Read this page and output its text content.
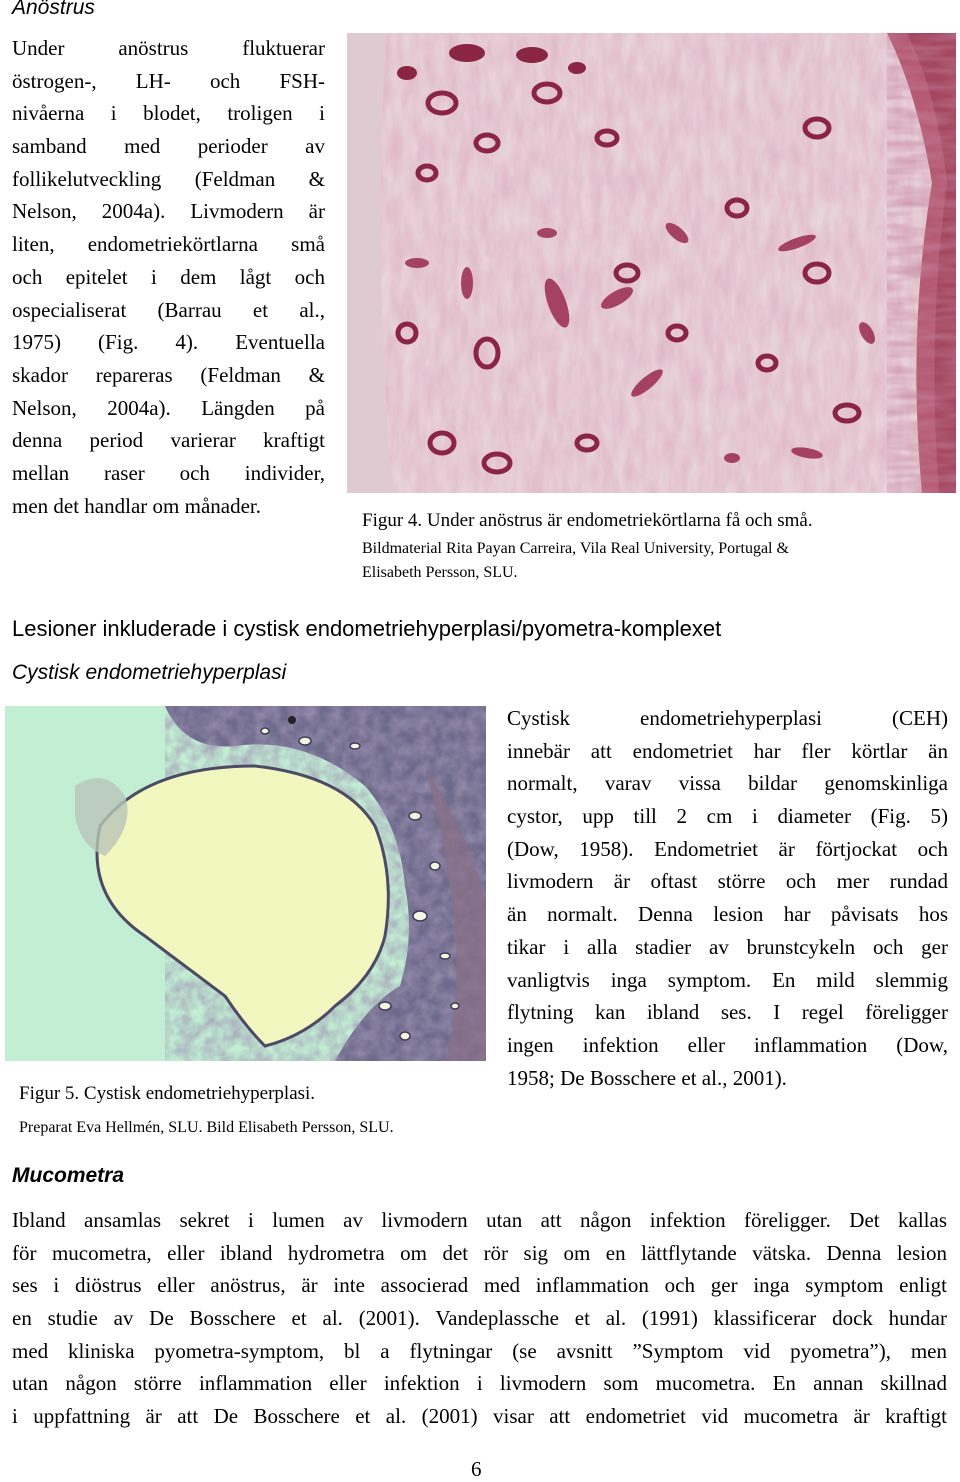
Anöstrus
Under anöstrus fluktuerar
östrogen-, LH- och FSH-
nivåerna i blodet, troligen i
samband med perioder av
follikelutveckling (Feldman &
Nelson, 2004a). Livmodern är
liten, endometriekörtlarna små
och epitelet i dem lågt och
ospecialiserat (Barrau et al.,
1975) (Fig. 4). Eventuella
skador repareras (Feldman &
Nelson, 2004a). Längden på
denna period varierar kraftigt
mellan raser och individer,
men det handlar om månader.
Figur 4. Under anöstrus är endometriekörtlarna få och små.
Bildmaterial Rita Payan Carreira, Vila Real University, Portugal &
Elisabeth Persson, SLU.
Lesioner inkluderade i cystisk endometriehyperplasi/pyometra-komplexet
Cystisk endometriehyperplasi
Figur 5. Cystisk endometriehyperplasi.
Preparat Eva Hellmén, SLU. Bild Elisabeth Persson, SLU.
Cystisk endometriehyperplasi (CEH)
innebär att endometriet har fler körtlar än
normalt, varav vissa bildar genomskinliga
cystor, upp till 2 cm i diameter (Fig. 5)
(Dow, 1958). Endometriet är förtjockat och
livmodern är oftast större och mer rundad
än normalt. Denna lesion har påvisats hos
tikar i alla stadier av brunstcykeln och ger
vanligtvis inga symptom. En mild slemmig
flytning kan ibland ses. I regel föreligger
ingen infektion eller inflammation (Dow,
1958; De Bosschere et al., 2001).
Mucometra
Ibland ansamlas sekret i lumen av livmodern utan att någon infektion föreligger. Det kallas
för mucometra, eller ibland hydrometra om det rör sig om en lättflytande vätska. Denna lesion
ses i diöstrus eller anöstrus, är inte associerad med inflammation och ger inga symptom enligt
en studie av De Bosschere et al. (2001). Vandeplassche et al. (1991) klassificerar dock hundar
med kliniska pyometra-symptom, bl a flytningar (se avsnitt ”Symptom vid pyometra”), men
utan någon större inflammation eller infektion i livmodern som mucometra. En annan skillnad
i uppfattning är att De Bosschere et al. (2001) visar att endometriet vid mucometra är kraftigt
6
